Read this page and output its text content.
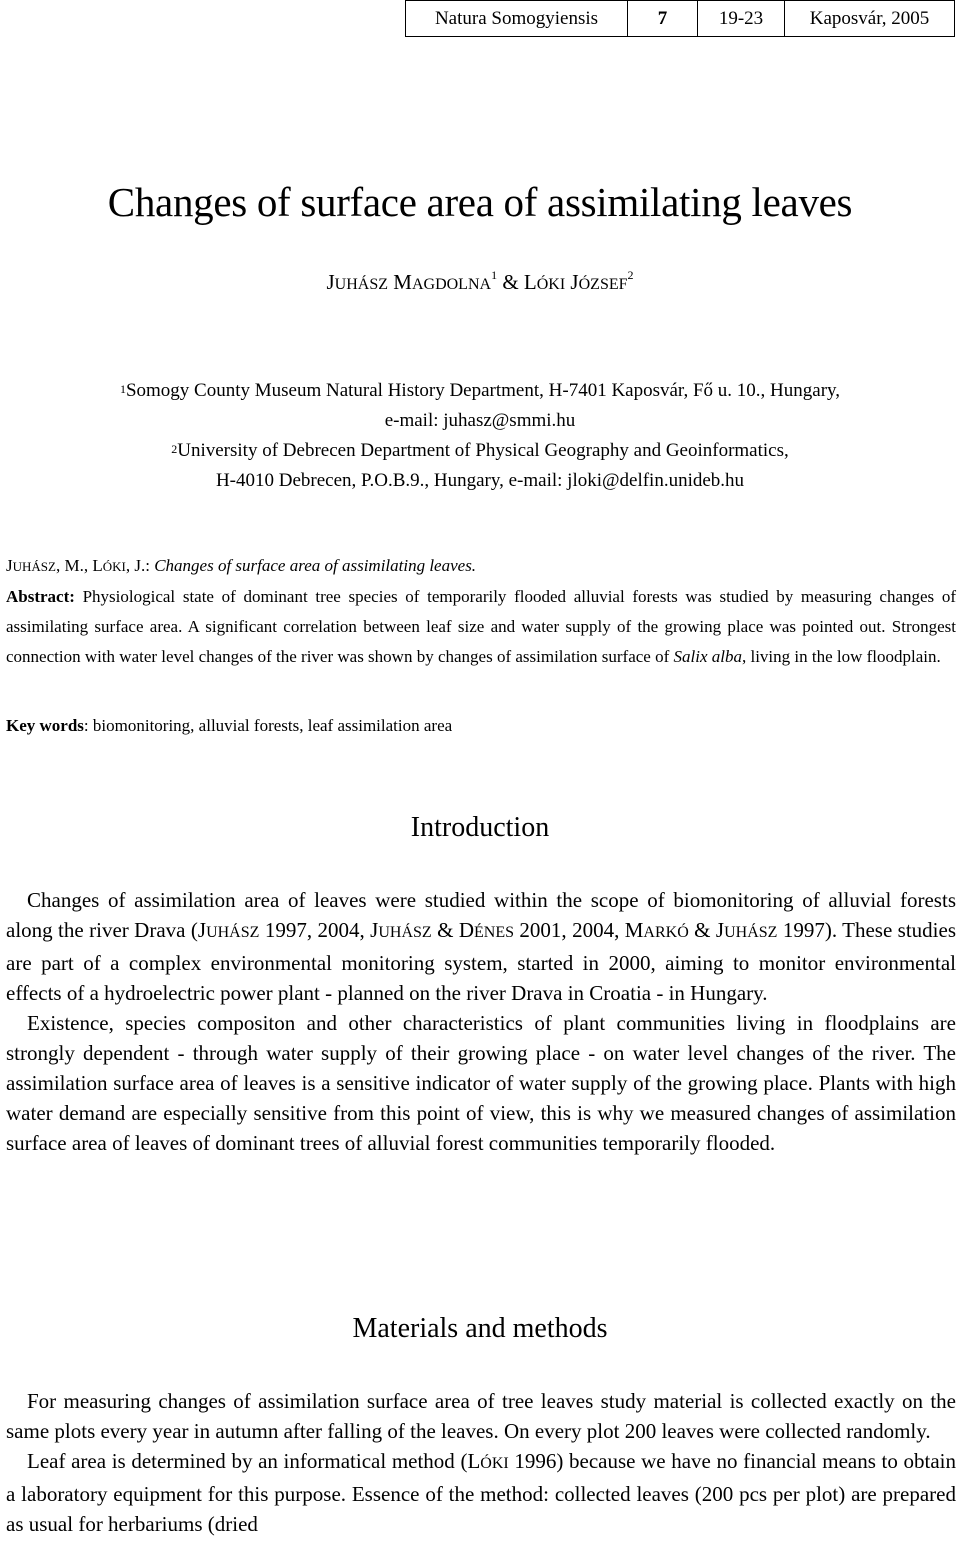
Natura Somogyiensis	7	19-23	Kaposvár, 2005
Changes of surface area of assimilating leaves
JUHÁSZ MAGDOLNA$^1$ & LÓKI JÓZSEF$^2$
$^1$Somogy County Museum Natural History Department, H-7401 Kaposvár, Fő u. 10., Hungary,
e-mail: juhasz@smmi.hu
$^2$University of Debrecen Department of Physical Geography and Geoinformatics,
H-4010 Debrecen, P.O.B.9., Hungary, e-mail: jloki@delfin.unideb.hu
JUHÁSZ, M., LÓKI, J.: Changes of surface area of assimilating leaves.
Abstract: Physiological state of dominant tree species of temporarily flooded alluvial forests was studied by measuring changes of assimilating surface area. A significant correlation between leaf size and water supply of the growing place was pointed out. Strongest connection with water level changes of the river was shown by changes of assimilation surface of Salix alba, living in the low floodplain.
Key words: biomonitoring, alluvial forests, leaf assimilation area
Introduction

Changes of assimilation area of leaves were studied within the scope of biomonitoring of alluvial forests along the river Drava (JUHÁSZ 1997, 2004, JUHÁSZ & DÉNES 2001, 2004, MARKÓ & JUHÁSZ 1997). These studies are part of a complex environmental monitoring system, started in 2000, aiming to monitor environmental effects of a hydroelectric power plant - planned on the river Drava in Croatia - in Hungary.

Existence, species compositon and other characteristics of plant communities living in floodplains are strongly dependent - through water supply of their growing place - on water level changes of the river. The assimilation surface area of leaves is a sensitive indicator of water supply of the growing place. Plants with high water demand are especially sensitive from this point of view, this is why we measured changes of assimilation surface area of leaves of dominant trees of alluvial forest communities temporarily flooded.

Materials and methods

For measuring changes of assimilation surface area of tree leaves study material is collected exactly on the same plots every year in autumn after falling of the leaves. On every plot 200 leaves were collected randomly.

Leaf area is determined by an informatical method (LÓKI 1996) because we have no financial means to obtain a laboratory equipment for this purpose. Essence of the method: collected leaves (200 pcs per plot) are prepared as usual for herbariums (dried
